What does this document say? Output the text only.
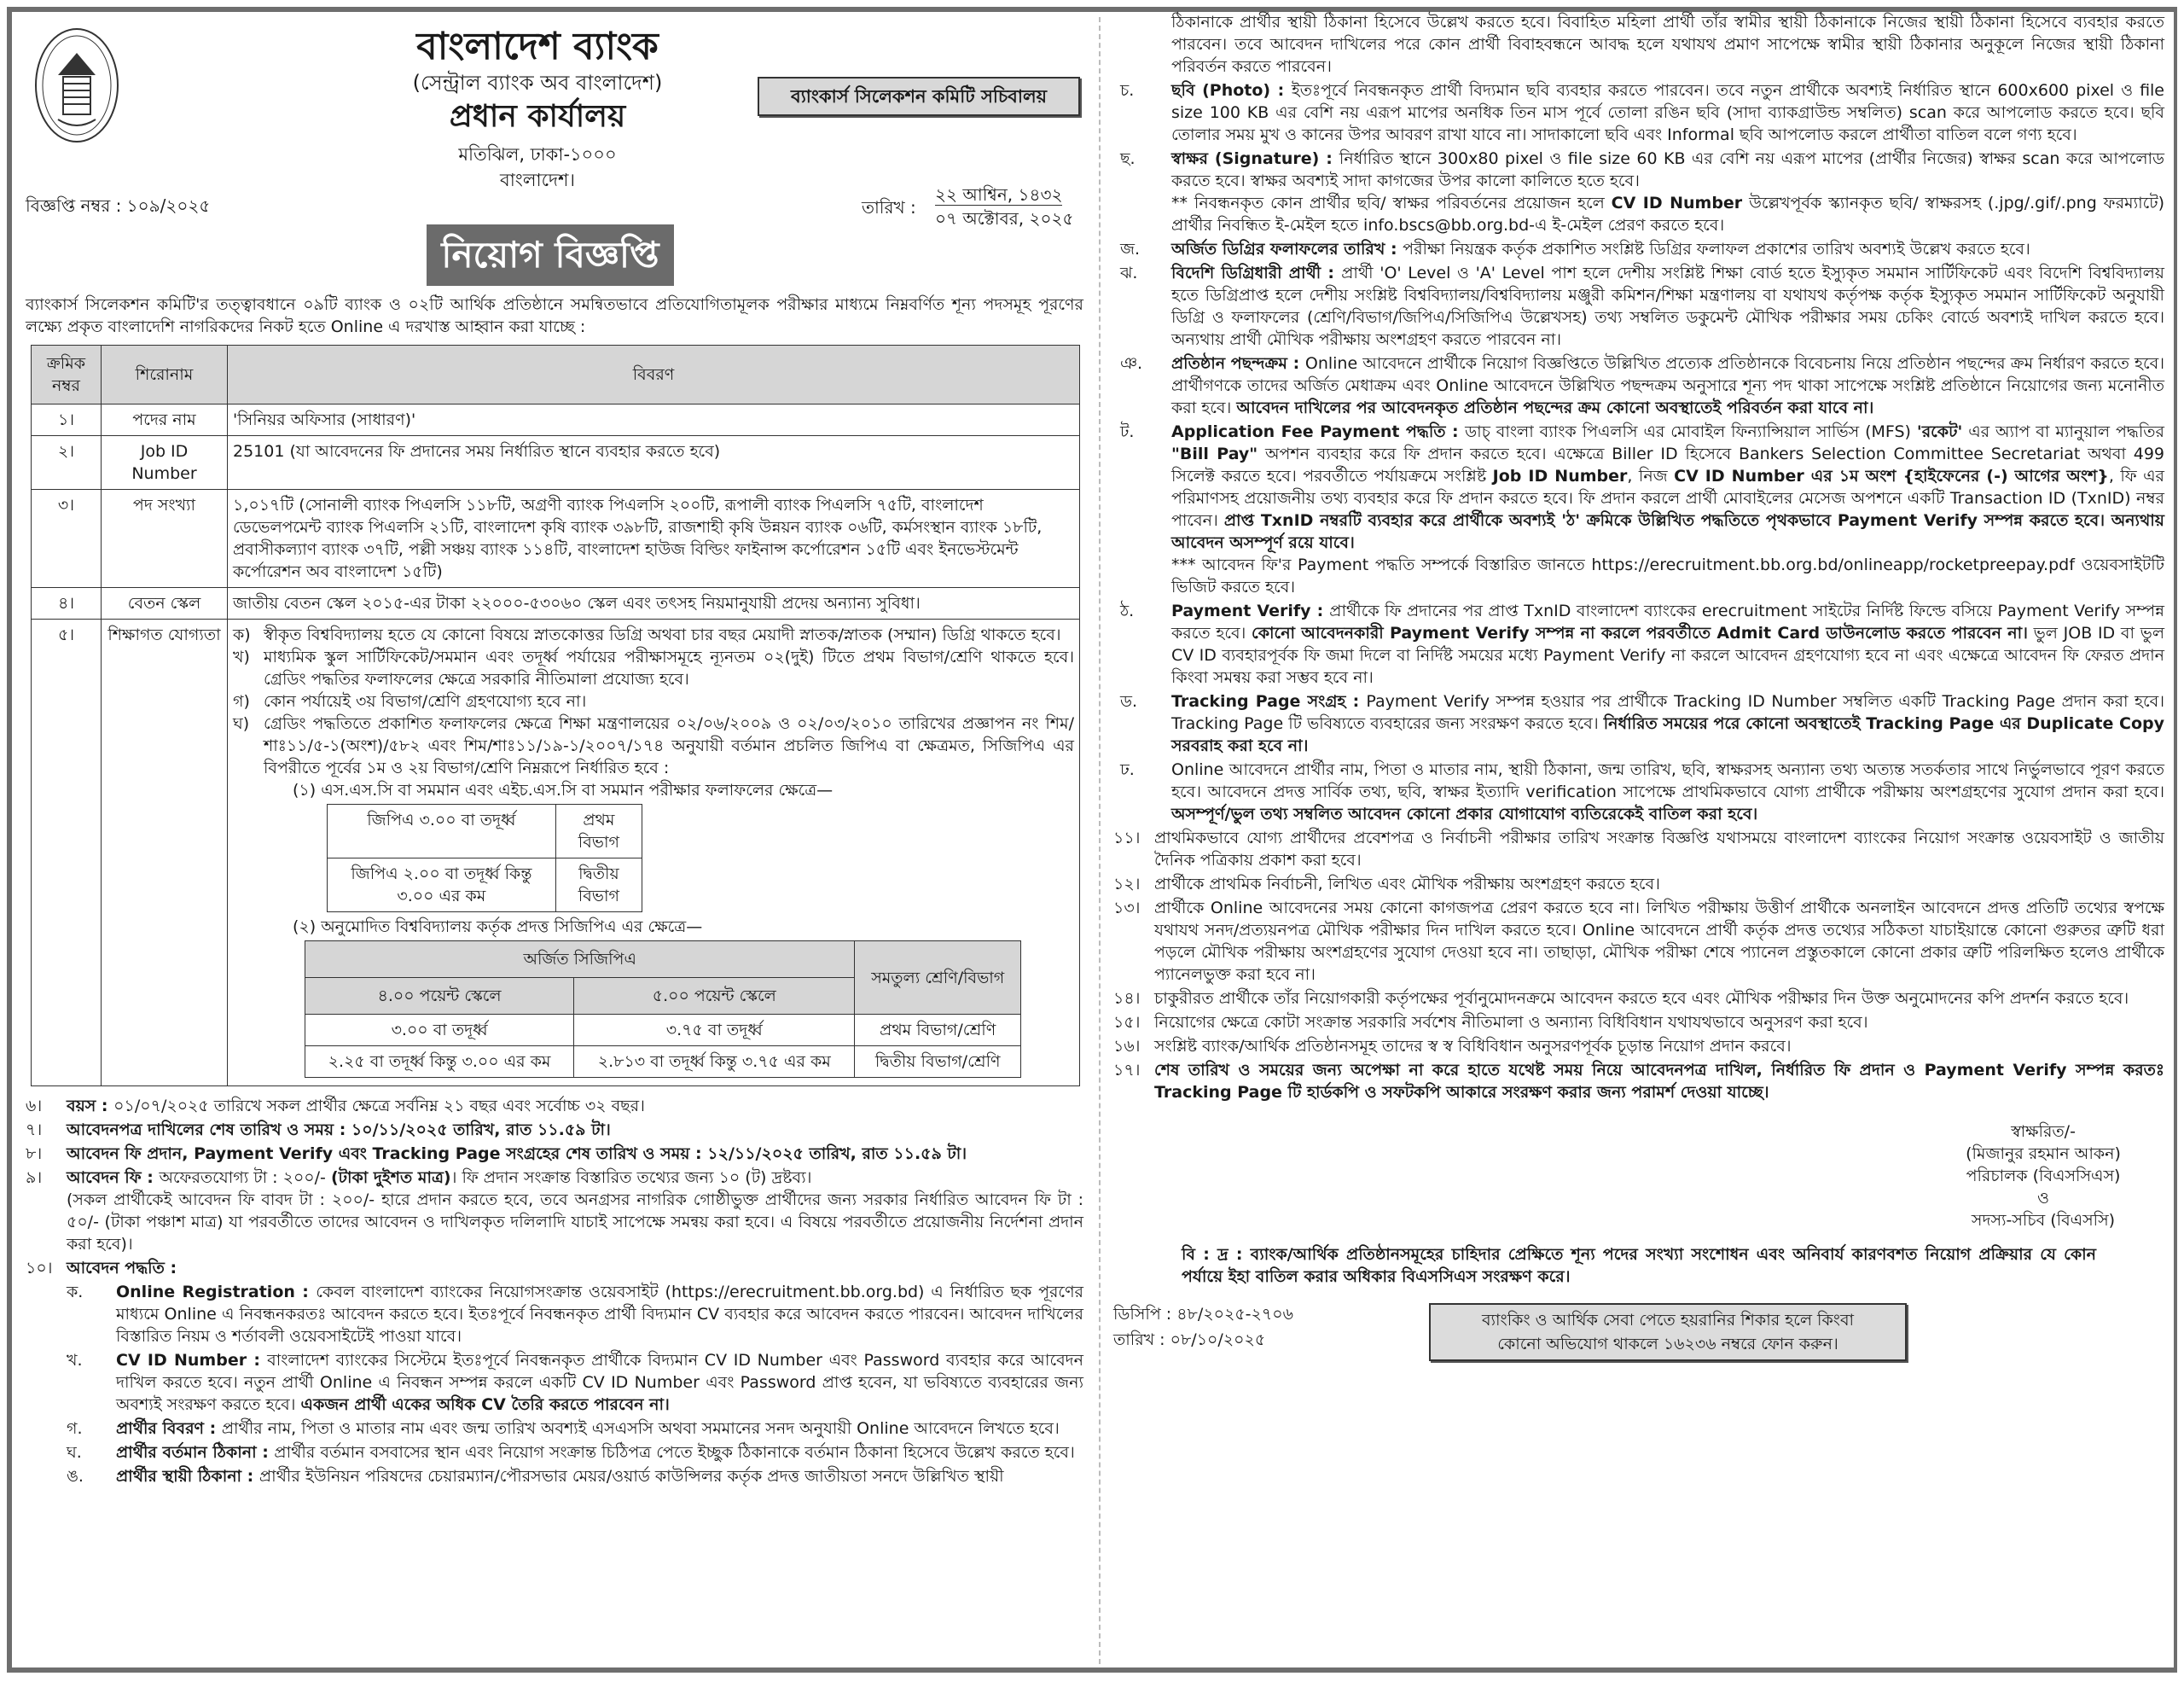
বাংলাদেশ ব্যাংক
(সেন্ট্রাল ব্যাংক অব বাংলাদেশ)
প্রধান কার্যালয়
মতিঝিল, ঢাকা-১০০০
বাংলাদেশ।
ব্যাংকার্স সিলেকশন কমিটি সচিবালয়
বিজ্ঞপ্তি নম্বর : ১০৯/২০২৫	তারিখ :
২২ আশ্বিন, ১৪৩২
০৭ অক্টোবর, ২০২৫
নিয়োগ বিজ্ঞপ্তি
ব্যাংকার্স সিলেকশন কমিটি'র তত্ত্বাবধানে ০৯টি ব্যাংক ও ০২টি আর্থিক প্রতিষ্ঠানে সমন্বিতভাবে প্রতিযোগিতামূলক পরীক্ষার মাধ্যমে নিম্নবর্ণিত শূন্য পদসমূহ পূরণের লক্ষ্যে প্রকৃত বাংলাদেশি নাগরিকদের নিকট হতে Online এ দরখাস্ত আহ্বান করা যাচ্ছে :
ক্রমিক নম্বর	শিরোনাম	বিবরণ
১।	পদের নাম	'সিনিয়র অফিসার (সাধারণ)'
২।	Job ID Number	25101 (যা আবেদনের ফি প্রদানের সময় নির্ধারিত স্থানে ব্যবহার করতে হবে)
৩।	পদ সংখ্যা	১,০১৭টি (সোনালী ব্যাংক পিএলসি ১১৮টি, অগ্রণী ব্যাংক পিএলসি ২০০টি, রূপালী ব্যাংক পিএলসি ৭৫টি, বাংলাদেশ ডেভেলপমেন্ট ব্যাংক পিএলসি ২১টি, বাংলাদেশ কৃষি ব্যাংক ৩৯৮টি, রাজশাহী কৃষি উন্নয়ন ব্যাংক ০৬টি, কর্মসংস্থান ব্যাংক ১৮টি, প্রবাসীকল্যাণ ব্যাংক ৩৭টি, পল্লী সঞ্চয় ব্যাংক ১১৪টি, বাংলাদেশ হাউজ বিল্ডিং ফাইনান্স কর্পোরেশন ১৫টি এবং ইনভেস্টমেন্ট কর্পোরেশন অব বাংলাদেশ ১৫টি)
৪।	বেতন স্কেল	জাতীয় বেতন স্কেল ২০১৫-এর টাকা ২২০০০-৫৩০৬০ স্কেল এবং তৎসহ নিয়মানুযায়ী প্রদেয় অন্যান্য সুবিধা।
৫।	শিক্ষাগত যোগ্যতা	ক) স্বীকৃত বিশ্ববিদ্যালয় হতে যে কোনো বিষয়ে স্নাতকোত্তর ডিগ্রি অথবা চার বছর মেয়াদী স্নাতক/স্নাতক (সম্মান) ডিগ্রি থাকতে হবে।
খ) মাধ্যমিক স্কুল সার্টিফিকেট/সমমান এবং তদূর্ধ্ব পর্যায়ের পরীক্ষাসমূহে ন্যূনতম ০২(দুই) টিতে প্রথম বিভাগ/শ্রেণি থাকতে হবে। গ্রেডিং পদ্ধতির ফলাফলের ক্ষেত্রে সরকারি নীতিমালা প্রযোজ্য হবে।
গ) কোন পর্যায়েই ৩য় বিভাগ/শ্রেণি গ্রহণযোগ্য হবে না।
ঘ) গ্রেডিং পদ্ধতিতে প্রকাশিত ফলাফলের ক্ষেত্রে শিক্ষা মন্ত্রণালয়ের ০২/০৬/২০০৯ ও ০২/০৩/২০১০ তারিখের প্রজ্ঞাপন নং শিম/শাঃ১১/৫-১(অংশ)/৫৮২ এবং শিম/শাঃ১১/১৯-১/২০০৭/১৭৪ অনুযায়ী বর্তমান প্রচলিত জিপিএ বা ক্ষেত্রমত, সিজিপিএ এর বিপরীতে পূর্বের ১ম ও ২য় বিভাগ/শ্রেণি নিম্নরূপে নির্ধারিত হবে :
(১) এস.এস.সি বা সমমান এবং এইচ.এস.সি বা সমমান পরীক্ষার ফলাফলের ক্ষেত্রে—
জিপিএ ৩.০০ বা তদূর্ধ্ব	প্রথম বিভাগ
জিপিএ ২.০০ বা তদূর্ধ্ব কিন্তু ৩.০০ এর কম	দ্বিতীয় বিভাগ
(২) অনুমোদিত বিশ্ববিদ্যালয় কর্তৃক প্রদত্ত সিজিপিএ এর ক্ষেত্রে—
অর্জিত সিজিপিএ	সমতুল্য শ্রেণি/বিভাগ
৪.০০ পয়েন্ট স্কেলে	৫.০০ পয়েন্ট স্কেলে
৩.০০ বা তদূর্ধ্ব	৩.৭৫ বা তদূর্ধ্ব	প্রথম বিভাগ/শ্রেণি
২.২৫ বা তদূর্ধ্ব কিন্তু ৩.০০ এর কম	২.৮১৩ বা তদূর্ধ্ব কিন্তু ৩.৭৫ এর কম	দ্বিতীয় বিভাগ/শ্রেণি
৬।	বয়স : ০১/০৭/২০২৫ তারিখে সকল প্রার্থীর ক্ষেত্রে সর্বনিম্ন ২১ বছর এবং সর্বোচ্চ ৩২ বছর।
৭।	আবেদনপত্র দাখিলের শেষ তারিখ ও সময় : ১০/১১/২০২৫ তারিখ, রাত ১১.৫৯ টা।
৮।	আবেদন ফি প্রদান, Payment Verify এবং Tracking Page সংগ্রহের শেষ তারিখ ও সময় : ১২/১১/২০২৫ তারিখ, রাত ১১.৫৯ টা।
৯।	আবেদন ফি : অফেরতযোগ্য টা : ২০০/- (টাকা দুইশত মাত্র)। ফি প্রদান সংক্রান্ত বিস্তারিত তথ্যের জন্য ১০ (ট) দ্রষ্টব্য।
(সকল প্রার্থীকেই আবেদন ফি বাবদ টা : ২০০/- হারে প্রদান করতে হবে, তবে অনগ্রসর নাগরিক গোষ্ঠীভুক্ত প্রার্থীদের জন্য সরকার নির্ধারিত আবেদন ফি টা : ৫০/- (টাকা পঞ্চাশ মাত্র) যা পরবর্তীতে তাদের আবেদন ও দাখিলকৃত দলিলাদি যাচাই সাপেক্ষে সমন্বয় করা হবে। এ বিষয়ে পরবর্তীতে প্রয়োজনীয় নির্দেশনা প্রদান করা হবে)।
১০। আবেদন পদ্ধতি :
ক.	Online Registration : কেবল বাংলাদেশ ব্যাংকের নিয়োগসংক্রান্ত ওয়েবসাইট (https://erecruitment.bb.org.bd) এ নির্ধারিত ছক পূরণের মাধ্যমে Online এ নিবন্ধনকরতঃ আবেদন করতে হবে। ইতঃপূর্বে নিবন্ধনকৃত প্রার্থী বিদ্যমান CV ব্যবহার করে আবেদন করতে পারবেন। আবেদন দাখিলের বিস্তারিত নিয়ম ও শর্তাবলী ওয়েবসাইটেই পাওয়া যাবে।
খ.	CV ID Number : বাংলাদেশ ব্যাংকের সিস্টেমে ইতঃপূর্বে নিবন্ধনকৃত প্রার্থীকে বিদ্যমান CV ID Number এবং Password ব্যবহার করে আবেদন দাখিল করতে হবে। নতুন প্রার্থী Online এ নিবন্ধন সম্পন্ন করলে একটি CV ID Number এবং Password প্রাপ্ত হবেন, যা ভবিষ্যতে ব্যবহারের জন্য অবশ্যই সংরক্ষণ করতে হবে। একজন প্রার্থী একের অধিক CV তৈরি করতে পারবেন না।
গ.	প্রার্থীর বিবরণ : প্রার্থীর নাম, পিতা ও মাতার নাম এবং জন্ম তারিখ অবশ্যই এসএসসি অথবা সমমানের সনদ অনুযায়ী Online আবেদনে লিখতে হবে।
ঘ.	প্রার্থীর বর্তমান ঠিকানা : প্রার্থীর বর্তমান বসবাসের স্থান এবং নিয়োগ সংক্রান্ত চিঠিপত্র পেতে ইচ্ছুক ঠিকানাকে বর্তমান ঠিকানা হিসেবে উল্লেখ করতে হবে।
ঙ.	প্রার্থীর স্থায়ী ঠিকানা : প্রার্থীর ইউনিয়ন পরিষদের চেয়ারম্যান/পৌরসভার মেয়র/ওয়ার্ড কাউন্সিলর কর্তৃক প্রদত্ত জাতীয়তা সনদে উল্লিখিত স্থায়ী
ঠিকানাকে প্রার্থীর স্থায়ী ঠিকানা হিসেবে উল্লেখ করতে হবে। বিবাহিত মহিলা প্রার্থী তাঁর স্বামীর স্থায়ী ঠিকানাকে নিজের স্থায়ী ঠিকানা হিসেবে ব্যবহার করতে পারবেন। তবে আবেদন দাখিলের পরে কোন প্রার্থী বিবাহবন্ধনে আবদ্ধ হলে যথাযথ প্রমাণ সাপেক্ষে স্বামীর স্থায়ী ঠিকানার অনুকূলে নিজের স্থায়ী ঠিকানা পরিবর্তন করতে পারবেন।
চ.	ছবি (Photo) : ইতঃপূর্বে নিবন্ধনকৃত প্রার্থী বিদ্যমান ছবি ব্যবহার করতে পারবেন। তবে নতুন প্রার্থীকে অবশ্যই নির্ধারিত স্থানে 600x600 pixel ও file size 100 KB এর বেশি নয় এরূপ মাপের অনধিক তিন মাস পূর্বে তোলা রঙিন ছবি (সাদা ব্যাকগ্রাউন্ড সম্বলিত) scan করে আপলোড করতে হবে। ছবি তোলার সময় মুখ ও কানের উপর আবরণ রাখা যাবে না। সাদাকালো ছবি এবং Informal ছবি আপলোড করলে প্রার্থীতা বাতিল বলে গণ্য হবে।
ছ.	স্বাক্ষর (Signature) : নির্ধারিত স্থানে 300x80 pixel ও file size 60 KB এর বেশি নয় এরূপ মাপের (প্রার্থীর নিজের) স্বাক্ষর scan করে আপলোড করতে হবে। স্বাক্ষর অবশ্যই সাদা কাগজের উপর কালো কালিতে হতে হবে।
** নিবন্ধনকৃত কোন প্রার্থীর ছবি/ স্বাক্ষর পরিবর্তনের প্রয়োজন হলে CV ID Number উল্লেখপূর্বক স্ক্যানকৃত ছবি/ স্বাক্ষরসহ (.jpg/.gif/.png ফরম্যাটে) প্রার্থীর নিবন্ধিত ই-মেইল হতে info.bscs@bb.org.bd-এ ই-মেইল প্রেরণ করতে হবে।
জ.	অর্জিত ডিগ্রির ফলাফলের তারিখ : পরীক্ষা নিয়ন্ত্রক কর্তৃক প্রকাশিত সংশ্লিষ্ট ডিগ্রির ফলাফল প্রকাশের তারিখ অবশ্যই উল্লেখ করতে হবে।
ঝ.	বিদেশি ডিগ্রিধারী প্রার্থী : প্রার্থী 'O' Level ও 'A' Level পাশ হলে দেশীয় সংশ্লিষ্ট শিক্ষা বোর্ড হতে ইস্যুকৃত সমমান সার্টিফিকেট এবং বিদেশি বিশ্ববিদ্যালয় হতে ডিগ্রিপ্রাপ্ত হলে দেশীয় সংশ্লিষ্ট বিশ্ববিদ্যালয়/বিশ্ববিদ্যালয় মঞ্জুরী কমিশন/শিক্ষা মন্ত্রণালয় বা যথাযথ কর্তৃপক্ষ কর্তৃক ইস্যুকৃত সমমান সার্টিফিকেট অনুযায়ী ডিগ্রি ও ফলাফলের (শ্রেণি/বিভাগ/জিপিএ/সিজিপিএ উল্লেখসহ) তথ্য সম্বলিত ডকুমেন্ট মৌখিক পরীক্ষার সময় চেকিং বোর্ডে অবশ্যই দাখিল করতে হবে। অন্যথায় প্রার্থী মৌখিক পরীক্ষায় অংশগ্রহণ করতে পারবেন না।
ঞ.	প্রতিষ্ঠান পছন্দক্রম : Online আবেদনে প্রার্থীকে নিয়োগ বিজ্ঞপ্তিতে উল্লিখিত প্রত্যেক প্রতিষ্ঠানকে বিবেচনায় নিয়ে প্রতিষ্ঠান পছন্দের ক্রম নির্ধারণ করতে হবে। প্রার্থীগণকে তাদের অর্জিত মেধাক্রম এবং Online আবেদনে উল্লিখিত পছন্দক্রম অনুসারে শূন্য পদ থাকা সাপেক্ষে সংশ্লিষ্ট প্রতিষ্ঠানে নিয়োগের জন্য মনোনীত করা হবে। আবেদন দাখিলের পর আবেদনকৃত প্রতিষ্ঠান পছন্দের ক্রম কোনো অবস্থাতেই পরিবর্তন করা যাবে না।
ট.	Application Fee Payment পদ্ধতি : ডাচ্‌ বাংলা ব্যাংক পিএলসি এর মোবাইল ফিন্যান্সিয়াল সার্ভিস (MFS) 'রকেট' এর অ্যাপ বা ম্যানুয়াল পদ্ধতির "Bill Pay" অপশন ব্যবহার করে ফি প্রদান করতে হবে। এক্ষেত্রে Biller ID হিসেবে Bankers Selection Committee Secretariat অথবা 499 সিলেক্ট করতে হবে। পরবর্তীতে পর্যায়ক্রমে সংশ্লিষ্ট Job ID Number, নিজ CV ID Number এর ১ম অংশ {হাইফেনের (-) আগের অংশ}, ফি এর পরিমাণসহ প্রয়োজনীয় তথ্য ব্যবহার করে ফি প্রদান করতে হবে। ফি প্রদান করলে প্রার্থী মোবাইলের মেসেজ অপশনে একটি Transaction ID (TxnID) নম্বর পাবেন। প্রাপ্ত TxnID নম্বরটি ব্যবহার করে প্রার্থীকে অবশ্যই 'ঠ' ক্রমিকে উল্লিখিত পদ্ধতিতে পৃথকভাবে Payment Verify সম্পন্ন করতে হবে। অন্যথায় আবেদন অসম্পূর্ণ রয়ে যাবে।
*** আবেদন ফি'র Payment পদ্ধতি সম্পর্কে বিস্তারিত জানতে https://erecruitment.bb.org.bd/onlineapp/rocketpreepay.pdf ওয়েবসাইটটি ভিজিট করতে হবে।
ঠ.	Payment Verify : প্রার্থীকে ফি প্রদানের পর প্রাপ্ত TxnID বাংলাদেশ ব্যাংকের erecruitment সাইটের নির্দিষ্ট ফিল্ডে বসিয়ে Payment Verify সম্পন্ন করতে হবে। কোনো আবেদনকারী Payment Verify সম্পন্ন না করলে পরবর্তীতে Admit Card ডাউনলোড করতে পারবেন না। ভুল JOB ID বা ভুল CV ID ব্যবহারপূর্বক ফি জমা দিলে বা নির্দিষ্ট সময়ের মধ্যে Payment Verify না করলে আবেদন গ্রহণযোগ্য হবে না এবং এক্ষেত্রে আবেদন ফি ফেরত প্রদান কিংবা সমন্বয় করা সম্ভব হবে না।
ড.	Tracking Page সংগ্রহ : Payment Verify সম্পন্ন হওয়ার পর প্রার্থীকে Tracking ID Number সম্বলিত একটি Tracking Page প্রদান করা হবে। Tracking Page টি ভবিষ্যতে ব্যবহারের জন্য সংরক্ষণ করতে হবে। নির্ধারিত সময়ের পরে কোনো অবস্থাতেই Tracking Page এর Duplicate Copy সরবরাহ করা হবে না।
ঢ.	Online আবেদনে প্রার্থীর নাম, পিতা ও মাতার নাম, স্থায়ী ঠিকানা, জন্ম তারিখ, ছবি, স্বাক্ষরসহ অন্যান্য তথ্য অত্যন্ত সতর্কতার সাথে নির্ভুলভাবে পূরণ করতে হবে। আবেদনে প্রদত্ত সার্বিক তথ্য, ছবি, স্বাক্ষর ইত্যাদি verification সাপেক্ষে প্রাথমিকভাবে যোগ্য প্রার্থীকে পরীক্ষায় অংশগ্রহণের সুযোগ প্রদান করা হবে। অসম্পূর্ণ/ভুল তথ্য সম্বলিত আবেদন কোনো প্রকার যোগাযোগ ব্যতিরেকেই বাতিল করা হবে।
১১। প্রাথমিকভাবে যোগ্য প্রার্থীদের প্রবেশপত্র ও নির্বাচনী পরীক্ষার তারিখ সংক্রান্ত বিজ্ঞপ্তি যথাসময়ে বাংলাদেশ ব্যাংকের নিয়োগ সংক্রান্ত ওয়েবসাইট ও জাতীয় দৈনিক পত্রিকায় প্রকাশ করা হবে।
১২। প্রার্থীকে প্রাথমিক নির্বাচনী, লিখিত এবং মৌখিক পরীক্ষায় অংশগ্রহণ করতে হবে।
১৩। প্রার্থীকে Online আবেদনের সময় কোনো কাগজপত্র প্রেরণ করতে হবে না। লিখিত পরীক্ষায় উত্তীর্ণ প্রার্থীকে অনলাইন আবেদনে প্রদত্ত প্রতিটি তথ্যের স্বপক্ষে যথাযথ সনদ/প্রত্যয়নপত্র মৌখিক পরীক্ষার দিন দাখিল করতে হবে। Online আবেদনে প্রার্থী কর্তৃক প্রদত্ত তথ্যের সঠিকতা যাচাইয়ান্তে কোনো গুরুতর ত্রুটি ধরা পড়লে মৌখিক পরীক্ষায় অংশগ্রহণের সুযোগ দেওয়া হবে না। তাছাড়া, মৌখিক পরীক্ষা শেষে প্যানেল প্রস্তুতকালে কোনো প্রকার ত্রুটি পরিলক্ষিত হলেও প্রার্থীকে প্যানেলভুক্ত করা হবে না।
১৪। চাকুরীরত প্রার্থীকে তাঁর নিয়োগকারী কর্তৃপক্ষের পূর্বানুমোদনক্রমে আবেদন করতে হবে এবং মৌখিক পরীক্ষার দিন উক্ত অনুমোদনের কপি প্রদর্শন করতে হবে।
১৫। নিয়োগের ক্ষেত্রে কোটা সংক্রান্ত সরকারি সর্বশেষ নীতিমালা ও অন্যান্য বিধিবিধান যথাযথভাবে অনুসরণ করা হবে।
১৬। সংশ্লিষ্ট ব্যাংক/আর্থিক প্রতিষ্ঠানসমূহ তাদের স্ব স্ব বিধিবিধান অনুসরণপূর্বক চূড়ান্ত নিয়োগ প্রদান করবে।
১৭। শেষ তারিখ ও সময়ের জন্য অপেক্ষা না করে হাতে যথেষ্ট সময় নিয়ে আবেদনপত্র দাখিল, নির্ধারিত ফি প্রদান ও Payment Verify সম্পন্ন করতঃ Tracking Page টি হার্ডকপি ও সফটকপি আকারে সংরক্ষণ করার জন্য পরামর্শ দেওয়া যাচ্ছে।
স্বাক্ষরিত/-
(মিজানুর রহমান আকন)
পরিচালক (বিএসসিএস)
ও
সদস্য-সচিব (বিএসসি)
বি : দ্র : ব্যাংক/আর্থিক প্রতিষ্ঠানসমূহের চাহিদার প্রেক্ষিতে শূন্য পদের সংখ্যা সংশোধন এবং অনিবার্য কারণবশত নিয়োগ প্রক্রিয়ার যে কোন পর্যায়ে ইহা বাতিল করার অধিকার বিএসসিএস সংরক্ষণ করে।
ডিসিপি : ৪৮/২০২৫-২৭০৬
তারিখ : ০৮/১০/২০২৫
ব্যাংকিং ও আর্থিক সেবা পেতে হয়রানির শিকার হলে কিংবা
কোনো অভিযোগ থাকলে ১৬২৩৬ নম্বরে ফোন করুন।
